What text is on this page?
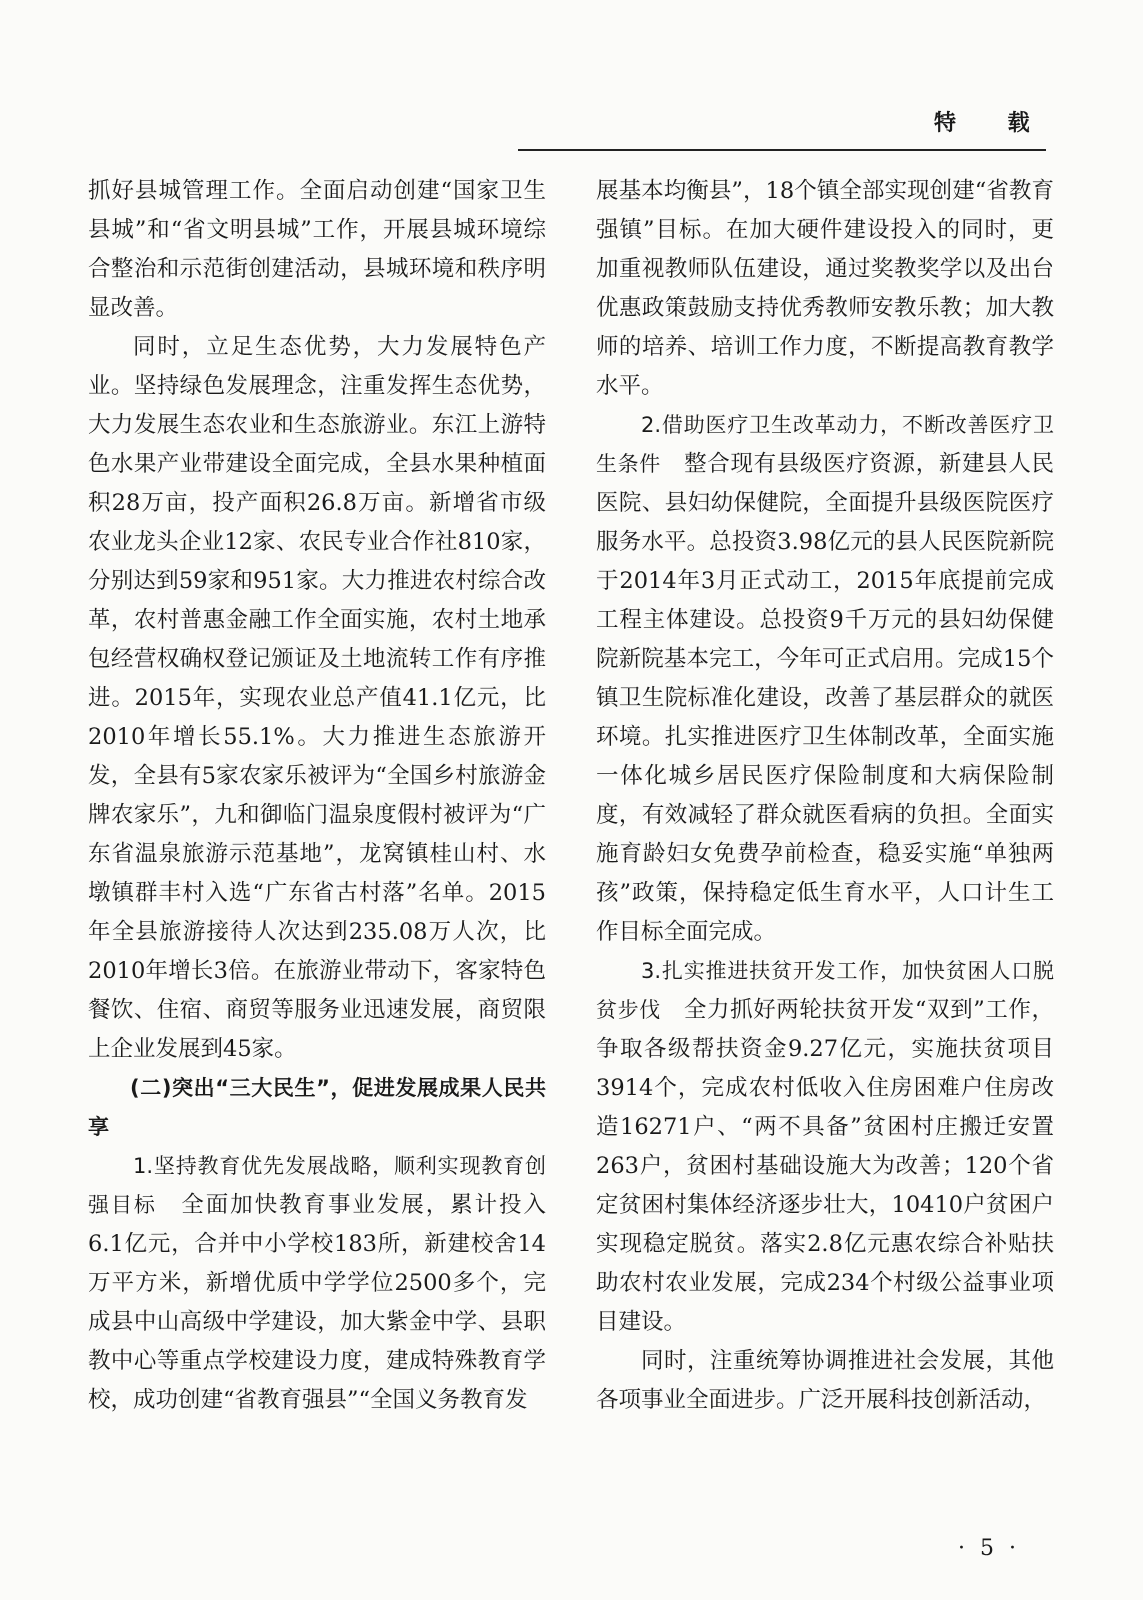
特 载

抓好县城管理工作。全面启动创建“国家卫生县城”和“省文明县城”工作，开展县城环境综合整治和示范街创建活动，县城环境和秩序明显改善。

同时，立足生态优势，大力发展特色产业。坚持绿色发展理念，注重发挥生态优势，大力发展生态农业和生态旅游业。东江上游特色水果产业带建设全面完成，全县水果种植面积28万亩，投产面积26.8万亩。新增省市级农业龙头企业12家、农民专业合作社810家，分别达到59家和951家。大力推进农村综合改革，农村普惠金融工作全面实施，农村土地承包经营权确权登记颁证及土地流转工作有序推进。2015年，实现农业总产值41.1亿元，比2010年增长55.1%。大力推进生态旅游开发，全县有5家农家乐被评为“全国乡村旅游金牌农家乐”，九和御临门温泉度假村被评为“广东省温泉旅游示范基地”，龙窝镇桂山村、水墩镇群丰村入选“广东省古村落”名单。2015年全县旅游接待人次达到235.08万人次，比2010年增长3倍。在旅游业带动下，客家特色餐饮、住宿、商贸等服务业迅速发展，商贸限上企业发展到45家。

(二)突出“三大民生”，促进发展成果人民共享

1.坚持教育优先发展战略，顺利实现教育创强目标　 全面加快教育事业发展，累计投入6.1亿元，合并中小学校183所，新建校舍14万平方米，新增优质中学学位2500多个，完成县中山高级中学建设，加大紫金中学、县职教中心等重点学校建设力度，建成特殊教育学校，成功创建“省教育强县”“全国义务教育发

展基本均衡县”，18个镇全部实现创建“省教育强镇”目标。在加大硬件建设投入的同时，更加重视教师队伍建设，通过奖教奖学以及出台优惠政策鼓励支持优秀教师安教乐教；加大教师的培养、培训工作力度，不断提高教育教学水平。

2.借助医疗卫生改革动力，不断改善医疗卫生条件　 整合现有县级医疗资源，新建县人民医院、县妇幼保健院，全面提升县级医院医疗服务水平。总投资3.98亿元的县人民医院新院于2014年3月正式动工，2015年底提前完成工程主体建设。总投资9千万元的县妇幼保健院新院基本完工，今年可正式启用。完成15个镇卫生院标准化建设，改善了基层群众的就医环境。扎实推进医疗卫生体制改革，全面实施一体化城乡居民医疗保险制度和大病保险制度，有效减轻了群众就医看病的负担。全面实施育龄妇女免费孕前检查，稳妥实施“单独两孩”政策，保持稳定低生育水平，人口计生工作目标全面完成。

3.扎实推进扶贫开发工作，加快贫困人口脱贫步伐　 全力抓好两轮扶贫开发“双到”工作，争取各级帮扶资金9.27亿元，实施扶贫项目3914个，完成农村低收入住房困难户住房改造16271户、“两不具备”贫困村庄搬迁安置263户，贫困村基础设施大为改善；120个省定贫困村集体经济逐步壮大，10410户贫困户实现稳定脱贫。落实2.8亿元惠农综合补贴扶助农村农业发展，完成234个村级公益事业项目建设。

同时，注重统筹协调推进社会发展，其他各项事业全面进步。广泛开展科技创新活动，

· 5 ·
